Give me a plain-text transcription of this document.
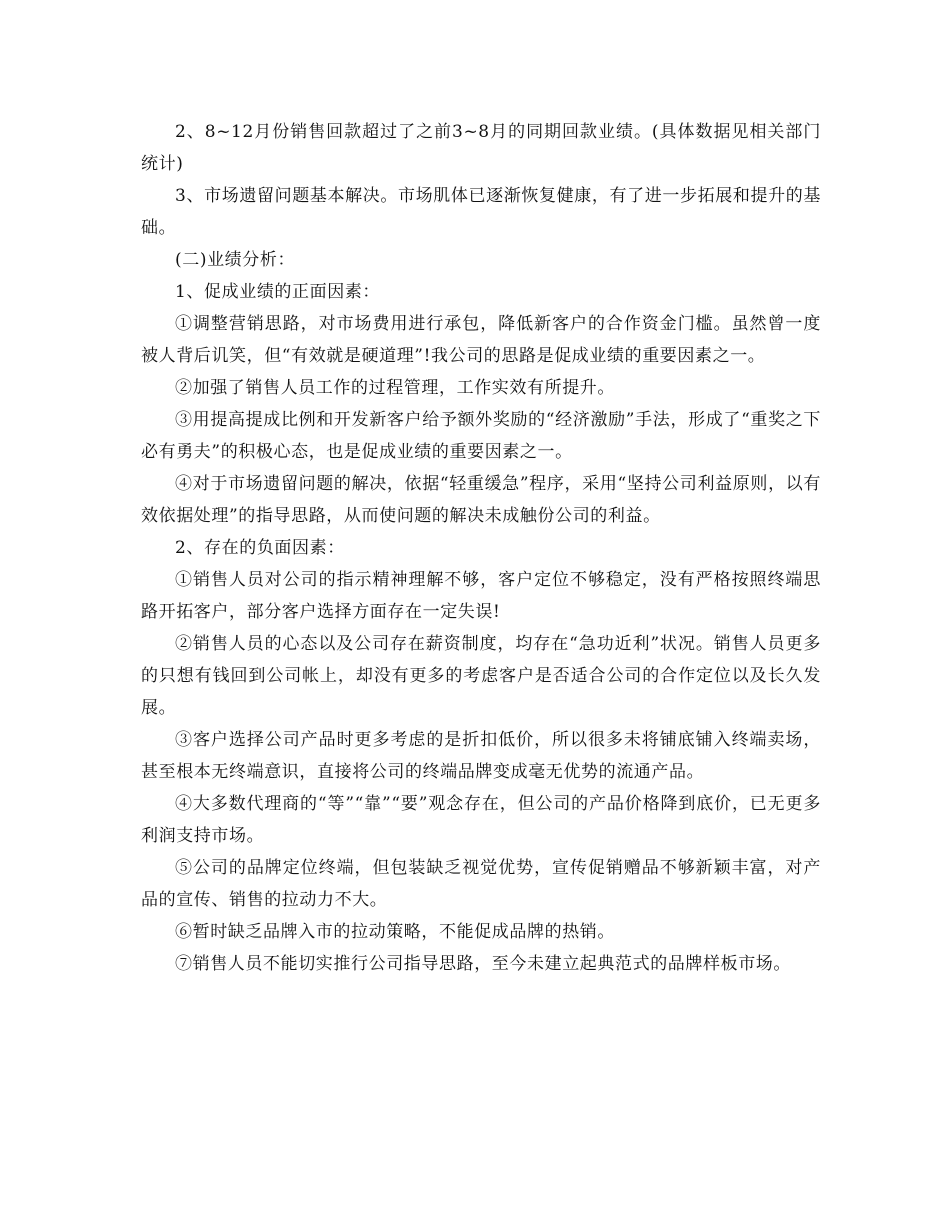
2、8~12月份销售回款超过了之前3~8月的同期回款业绩。(具体数据见相关部门统计)

3、市场遗留问题基本解决。市场肌体已逐渐恢复健康，有了进一步拓展和提升的基础。

(二)业绩分析：

1、促成业绩的正面因素：

①调整营销思路，对市场费用进行承包，降低新客户的合作资金门槛。虽然曾一度被人背后讥笑，但“有效就是硬道理”!我公司的思路是促成业绩的重要因素之一。

②加强了销售人员工作的过程管理，工作实效有所提升。

③用提高提成比例和开发新客户给予额外奖励的“经济激励”手法，形成了“重奖之下必有勇夫”的积极心态，也是促成业绩的重要因素之一。

④对于市场遗留问题的解决，依据“轻重缓急”程序，采用“坚持公司利益原则，以有效依据处理”的指导思路，从而使问题的解决未成触份公司的利益。

2、存在的负面因素：

①销售人员对公司的指示精神理解不够，客户定位不够稳定，没有严格按照终端思路开拓客户，部分客户选择方面存在一定失误!

②销售人员的心态以及公司存在薪资制度，均存在“急功近利”状况。销售人员更多的只想有钱回到公司帐上，却没有更多的考虑客户是否适合公司的合作定位以及长久发展。

③客户选择公司产品时更多考虑的是折扣低价，所以很多未将铺底铺入终端卖场，甚至根本无终端意识，直接将公司的终端品牌变成毫无优势的流通产品。

④大多数代理商的“等”“靠”“要”观念存在，但公司的产品价格降到底价，已无更多利润支持市场。

⑤公司的品牌定位终端，但包装缺乏视觉优势，宣传促销赠品不够新颖丰富，对产品的宣传、销售的拉动力不大。

⑥暂时缺乏品牌入市的拉动策略，不能促成品牌的热销。

⑦销售人员不能切实推行公司指导思路，至今未建立起典范式的品牌样板市场。
